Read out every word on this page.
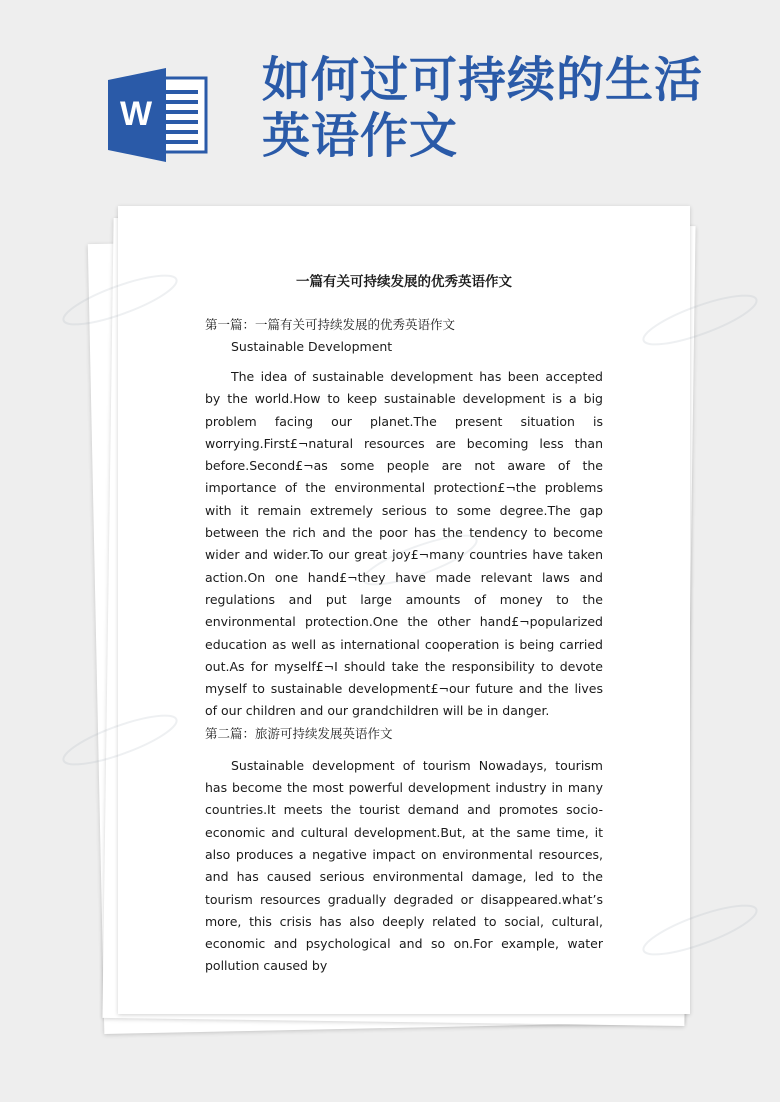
W
如何过可持续的生活英语作文
一篇有关可持续发展的优秀英语作文

第一篇：一篇有关可持续发展的优秀英语作文

Sustainable Development

The idea of sustainable development has been accepted by the world.How to keep sustainable development is a big problem facing our planet.The present situation is worrying.First£¬natural resources are becoming less than before.Second£¬as some people are not aware of the importance of the environmental protection£¬the problems with it remain extremely serious to some degree.The gap between the rich and the poor has the tendency to become wider and wider.To our great joy£¬many countries have taken action.On one hand£¬they have made relevant laws and regulations and put large amounts of money to the environmental protection.One the other hand£¬popularized education as well as international cooperation is being carried out.As for myself£¬I should take the responsibility to devote myself to sustainable development£¬our future and the lives of our children and our grandchildren will be in danger.

第二篇：旅游可持续发展英语作文

Sustainable development of tourism Nowadays, tourism has become the most powerful development industry in many countries.It meets the tourist demand and promotes socio-economic and cultural development.But, at the same time, it also produces a negative impact on environmental resources, and has caused serious environmental damage, led to the tourism resources gradually degraded or disappeared.what’s more, this crisis has also deeply related to social, cultural, economic and psychological and so on.For example, water pollution caused by
